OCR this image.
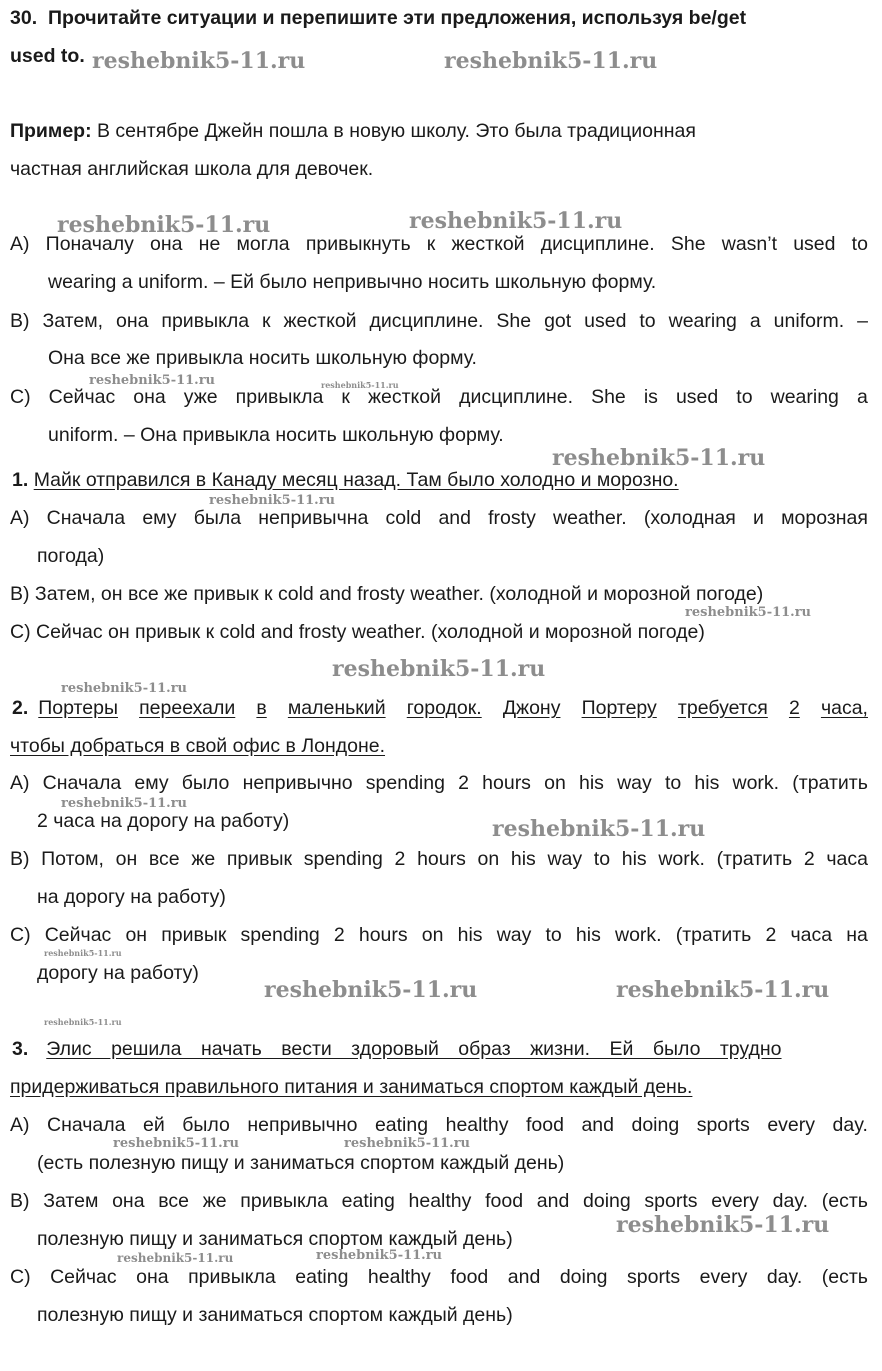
30. Прочитайте ситуации и перепишите эти предложения, используя be/get
used to.
Пример: В сентябре Джейн пошла в новую школу. Это была традиционная
частная английская школа для девочек.
A) Поначалу она не могла привыкнуть к жесткой дисциплине. She wasn’t used to
wearing a uniform. – Ей было непривычно носить школьную форму.
B) Затем, она привыкла к жесткой дисциплине. She got used to wearing a uniform. –
Она все же привыкла носить школьную форму.
C) Сейчас она уже привыкла к жесткой дисциплине. She is used to wearing a
uniform. – Она привыкла носить школьную форму.
1. Майк отправился в Канаду месяц назад. Там было холодно и морозно.
A) Сначала ему была непривычна cold and frosty weather. (холодная и морозная
погода)
B) Затем, он все же привык к cold and frosty weather. (холодной и морозной погоде)
C) Сейчас он привык к cold and frosty weather. (холодной и морозной погоде)
2. Портеры переехали в маленький городок. Джону Портеру требуется 2 часа,
чтобы добраться в свой офис в Лондоне.
A) Сначала ему было непривычно spending 2 hours on his way to his work. (тратить
2 часа на дорогу на работу)
B) Потом, он все же привык spending 2 hours on his way to his work. (тратить 2 часа
на дорогу на работу)
C) Сейчас он привык spending 2 hours on his way to his work. (тратить 2 часа на
дорогу на работу)
3. Элис решила начать вести здоровый образ жизни. Ей было трудно
придерживаться правильного питания и заниматься спортом каждый день.
A) Сначала ей было непривычно eating healthy food and doing sports every day.
(есть полезную пищу и заниматься спортом каждый день)
B) Затем она все же привыкла eating healthy food and doing sports every day. (есть
полезную пищу и заниматься спортом каждый день)
C) Сейчас она привыкла eating healthy food and doing sports every day. (есть
полезную пищу и заниматься спортом каждый день)
reshebnik5-11.ru	reshebnik5-11.ru
reshebnik5-11.ru	reshebnik5-11.ru
reshebnik5-11.ru	reshebnik5-11.ru
reshebnik5-11.ru
reshebnik5-11.ru
reshebnik5-11.ru
reshebnik5-11.ru
reshebnik5-11.ru
reshebnik5-11.ru
reshebnik5-11.ru
reshebnik5-11.ru
reshebnik5-11.ru	reshebnik5-11.ru
reshebnik5-11.ru
reshebnik5-11.ru	reshebnik5-11.ru
reshebnik5-11.ru
reshebnik5-11.ru	reshebnik5-11.ru
